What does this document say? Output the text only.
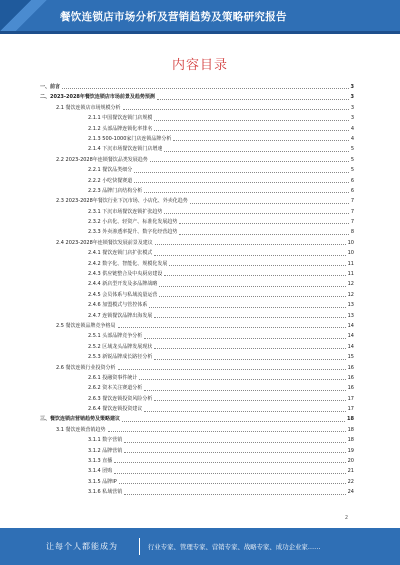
餐饮连锁店市场分析及营销趋势及策略研究报告
内容目录
一、前言	3
二、2023-2028年餐饮连锁店市场前景及趋势预测	3
2.1 餐饮连锁店市场规模分析	3
2.1.1 中国餐饮连锁门店规模	3
2.1.2 头部品牌连锁化率排名	4
2.1.3 500-1000家门店连锁品牌分析	4
2.1.4 下沉市场餐饮连锁门店增速	5
2.2 2023-2028年连锁餐饮品类发展趋势	5
2.2.1 餐饮品类细分	5
2.2.2 小吃快餐赛道	6
2.2.3 品牌门店结构分析	6
2.3 2023-2028年餐饮行业下沉市场、小店化、外卖化趋势	7
2.3.1 下沉市场餐饮连锁扩张趋势	7
2.3.2 小店化、轻资产、标准化发展趋势	7
2.3.3 外卖渗透率提升、数字化经营趋势	8
2.4 2023-2028年连锁餐饮发展前景及建议	10
2.4.1 餐饮连锁门店扩张模式	10
2.4.2 数字化、智能化、规模化发展	11
2.4.3 供应链整合及中央厨房建设	11
2.4.4 新店型开发及多品牌战略	12
2.4.5 会员体系与私域流量运营	12
2.4.6 加盟模式与管控体系	13
2.4.7 连锁餐饮品牌出海发展	13
2.5 餐饮连锁品牌竞争格局	14
2.5.1 头部品牌竞争分析	14
2.5.2 区域龙头品牌发展现状	14
2.5.3 新锐品牌成长路径分析	15
2.6 餐饮连锁行业投资分析	16
2.6.1 投融资事件统计	16
2.6.2 资本关注赛道分析	16
2.6.3 餐饮连锁投资风险分析	17
2.6.4 餐饮连锁投资建议	17
三、餐饮连锁店营销趋势及策略建议	18
3.1 餐饮连锁营销趋势	18
3.1.1 数字营销	18
3.1.2 品牌营销	19
3.1.3 直播	20
3.1.4 团购	21
3.1.5 品牌IP	22
3.1.6 私域营销	24
2
让每个人都能成为	行业专家、管理专家、营销专家、战略专家、成功企业家……
